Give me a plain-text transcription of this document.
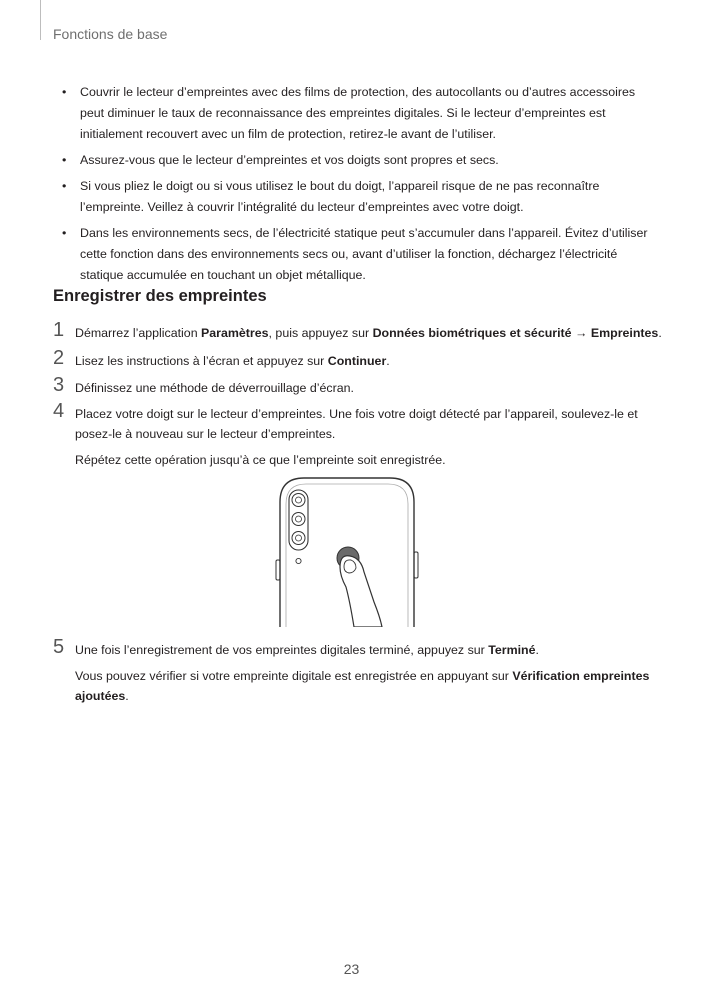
Fonctions de base
• Couvrir le lecteur d’empreintes avec des films de protection, des autocollants ou d’autres accessoires peut diminuer le taux de reconnaissance des empreintes digitales. Si le lecteur d’empreintes est initialement recouvert avec un film de protection, retirez-le avant de l’utiliser.
• Assurez-vous que le lecteur d’empreintes et vos doigts sont propres et secs.
• Si vous pliez le doigt ou si vous utilisez le bout du doigt, l’appareil risque de ne pas reconnaître l’empreinte. Veillez à couvrir l’intégralité du lecteur d’empreintes avec votre doigt.
• Dans les environnements secs, de l’électricité statique peut s’accumuler dans l’appareil. Évitez d’utiliser cette fonction dans des environnements secs ou, avant d’utiliser la fonction, déchargez l’électricité statique accumulée en touchant un objet métallique.
Enregistrer des empreintes
1 Démarrez l’application Paramètres, puis appuyez sur Données biométriques et sécurité → Empreintes.

2 Lisez les instructions à l’écran et appuyez sur Continuer.

3 Définissez une méthode de déverrouillage d’écran.

4 Placez votre doigt sur le lecteur d’empreintes. Une fois votre doigt détecté par l’appareil, soulevez-le et posez-le à nouveau sur le lecteur d’empreintes.

Répétez cette opération jusqu’à ce que l’empreinte soit enregistrée.

5 Une fois l’enregistrement de vos empreintes digitales terminé, appuyez sur Terminé.

Vous pouvez vérifier si votre empreinte digitale est enregistrée en appuyant sur Vérification empreintes ajoutées.

23
